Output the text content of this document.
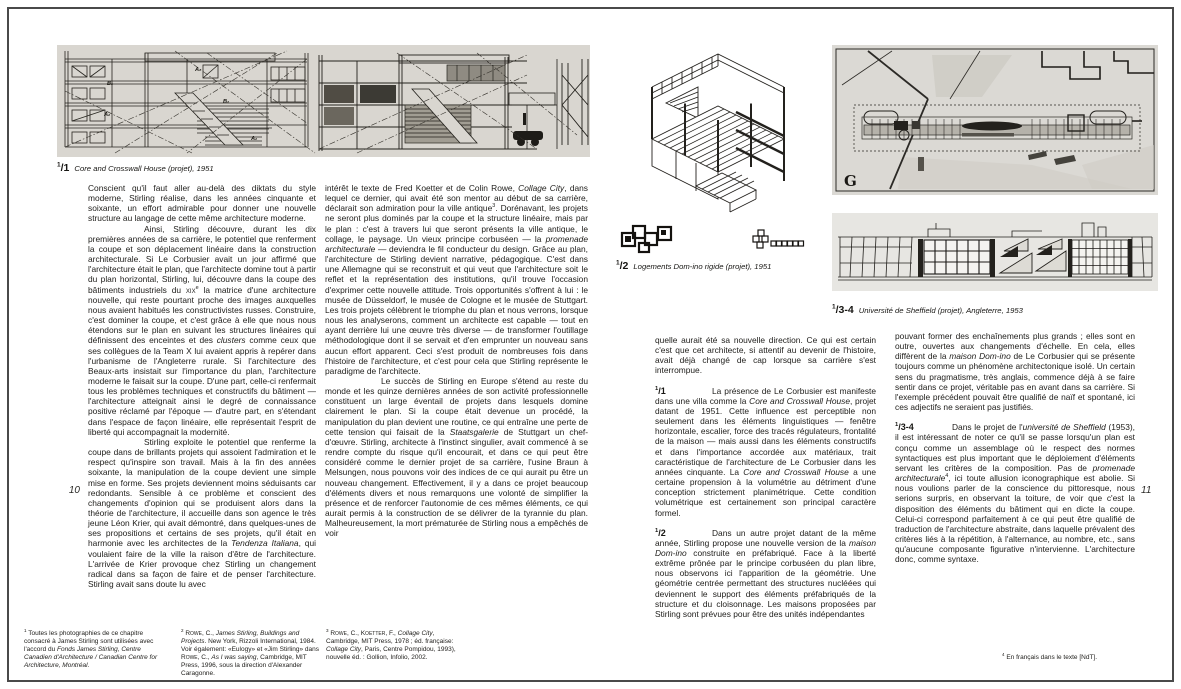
B₁
A₂
A₁
B₂
A₂
$^1$/1 Core and Crosswall House (projet), 1951

Conscient qu'il faut aller au-delà des diktats du style moderne, Stirling réalise, dans les années cinquante et soixante, un effort admirable pour donner une nouvelle structure au langage de cette même architecture moderne.

Ainsi, Stirling découvre, durant les dix premières années de sa carrière, le potentiel que renferment la coupe et son déplacement linéaire dans la construction architecturale. Si Le Corbusier avait un jour affirmé que l'architecture était le plan, que l'architecte domine tout à partir du plan horizontal, Stirling, lui, découvre dans la coupe des bâtiments industriels du xix$^e$ la matrice d'une architecture nouvelle, qui reste pourtant proche des images auxquelles nous avaient habitués les constructivistes russes. Construire, c'est dominer la coupe, et c'est grâce à elle que nous nous étendons sur le plan en suivant les structures linéaires qui définissent des enceintes et des clusters comme ceux que ses collègues de la Team X lui avaient appris à repérer dans l'urbanisme de l'Angleterre rurale. Si l'architecture des Beaux-arts insistait sur l'importance du plan, l'architecture moderne le faisait sur la coupe. D'une part, celle-ci renfermait tous les problèmes techniques et constructifs du bâtiment — l'architecture atteignait ainsi le degré de connaissance positive réclamé par l'époque — d'autre part, en s'étendant dans l'espace de façon linéaire, elle représentait l'esprit de liberté qui accompagnait la modernité.

Stirling exploite le potentiel que renferme la coupe dans de brillants projets qui assoient l'admiration et le respect qu'inspire son travail. Mais à la fin des années soixante, la manipulation de la coupe devient une simple mise en forme. Ses projets deviennent moins séduisants car redondants. Sensible à ce problème et conscient des changements d'opinion qui se produisent alors dans la théorie de l'architecture, il accueille dans son agence le très jeune Léon Krier, qui avait démontré, dans quelques-unes de ses propositions et certains de ses projets, qu'il était en harmonie avec les architectes de la Tendenza Italiana, qui voulaient faire de la ville la raison d'être de l'architecture. L'arrivée de Krier provoque chez Stirling un changement radical dans sa façon de faire et de penser l'architecture. Stirling avait sans doute lu avec

intérêt le texte de Fred Koetter et de Colin Rowe, Collage City, dans lequel ce dernier, qui avait été son mentor au début de sa carrière, déclarait son admiration pour la ville antique$^3$. Dorénavant, les projets ne seront plus dominés par la coupe et la structure linéaire, mais par le plan : c'est à travers lui que seront présents la ville antique, le collage, le paysage. Un vieux principe corbuséen — la promenade architecturale — deviendra le fil conducteur du design. Grâce au plan, l'architecture de Stirling devient narrative, pédagogique. C'est dans une Allemagne qui se reconstruit et qui veut que l'architecture soit le reflet et la représentation des institutions, qu'il trouve l'occasion d'exprimer cette nouvelle attitude. Trois opportunités s'offrent à lui : le musée de Düsseldorf, le musée de Cologne et le musée de Stuttgart. Les trois projets célèbrent le triomphe du plan et nous verrons, lorsque nous les analyserons, comment un architecte est capable — tout en ayant derrière lui une œuvre très diverse — de transformer l'outillage méthodologique dont il se servait et d'en emprunter un nouveau sans aucun effort apparent. Ceci s'est produit de nombreuses fois dans l'histoire de l'architecture, et c'est pour cela que Stirling représente le paradigme de l'architecte.

Le succès de Stirling en Europe s'étend au reste du monde et les quinze dernières années de son activité professionnelle constituent un large éventail de projets dans lesquels domine clairement le plan. Si la coupe était devenue un procédé, la manipulation du plan devient une routine, ce qui entraîne une perte de cette tension qui faisait de la Staatsgalerie de Stuttgart un chef-d'œuvre. Stirling, architecte à l'instinct singulier, avait commencé à se rendre compte du risque qu'il encourait, et dans ce qui peut être considéré comme le dernier projet de sa carrière, l'usine Braun à Melsungen, nous pouvons voir des indices de ce qui aurait pu être un nouveau changement. Effectivement, il y a dans ce projet beaucoup d'éléments divers et nous remarquons une volonté de simplifier la présence et de renforcer l'autonomie de ces mêmes éléments, ce qui aurait permis à la construction de se délivrer de la tyrannie du plan. Malheureusement, la mort prématurée de Stirling nous a empêchés de voir

10
$^1$ Toutes les photographies de ce chapitre consacré à James Stirling sont utilisées avec l'accord du Fonds James Stirling, Centre Canadien d'Architecture / Canadian Centre for Architecture, Montréal.
$^2$ Rowe, C., James Stirling, Buildings and Projects. New York, Rizzoli International, 1984. Voir également: «Eulogy» et «Jim Stirling» dans Rowe, C., As I was saying, Cambridge, MIT Press, 1996, sous la direction d'Alexander Caragonne.
$^3$ Rowe, C., Koetter, F., Collage City, Cambridge, MIT Press, 1978 ; éd. française: Collage City, Paris, Centre Pompidou, 1993), nouvelle éd. : Gollion, Infolio, 2002.
$^1$/2 Logements Dom-ino rigide (projet), 1951
G
$^1$/3-4 Université de Sheffield (projet), Angleterre, 1953

quelle aurait été sa nouvelle direction. Ce qui est certain c'est que cet architecte, si attentif au devenir de l'histoire, avait déjà changé de cap lorsque sa carrière s'est interrompue.

$^1$/1	La présence de Le Corbusier est manifeste dans une villa comme la Core and Crosswall House, projet datant de 1951. Cette influence est perceptible non seulement dans les éléments linguistiques — fenêtre horizontale, escalier, force des tracés régulateurs, frontalité de la maison — mais aussi dans les éléments constructifs et dans l'importance accordée aux matériaux, trait caractéristique de l'architecture de Le Corbusier dans les années cinquante. La Core and Crosswall House a une certaine propension à la volumétrie au détriment d'une conception strictement planimétrique. Cette condition volumétrique est certainement son principal caractère formel.

$^1$/2	Dans un autre projet datant de la même année, Stirling propose une nouvelle version de la maison Dom-ino construite en préfabriqué. Face à la liberté extrême prônée par le principe corbuséen du plan libre, nous observons ici l'apparition de la géométrie. Une géométrie centrée permettant des structures nucléées qui deviennent le support des éléments préfabriqués de la structure et du cloisonnage. Les maisons proposées par Stirling sont prévues pour être des unités indépendantes

pouvant former des enchaînements plus grands ; elles sont en outre, ouvertes aux changements d'échelle. En cela, elles diffèrent de la maison Dom-ino de Le Corbusier qui se présente toujours comme un phénomène architectonique isolé. Un certain sens du pragmatisme, très anglais, commence déjà à se faire sentir dans ce projet, véritable pas en avant dans sa carrière. Si l'exemple précédent pouvait être qualifié de naïf et spontané, ici ces adjectifs ne seraient pas justifiés.

$^1$/3-4	Dans le projet de l'université de Sheffield (1953), il est intéressant de noter ce qu'il se passe lorsqu'un plan est conçu comme un assemblage où le respect des normes syntactiques est plus important que le déploiement d'éléments servant les critères de la composition. Pas de promenade architecturale$^4$, ici toute allusion iconographique est abolie. Si nous voulions parler de la conscience du pittoresque, nous serions surpris, en observant la toiture, de voir que c'est la disposition des éléments du bâtiment qui en dicte la coupe. Celui-ci correspond parfaitement à ce qui peut être qualifié de traduction de l'architecture abstraite, dans laquelle prévalent des critères liés à la répétition, à l'alternance, au nombre, etc., sans qu'aucune composante figurative n'intervienne. L'architecture donc, comme syntaxe.

11
$^4$ En français dans le texte [NdT].
